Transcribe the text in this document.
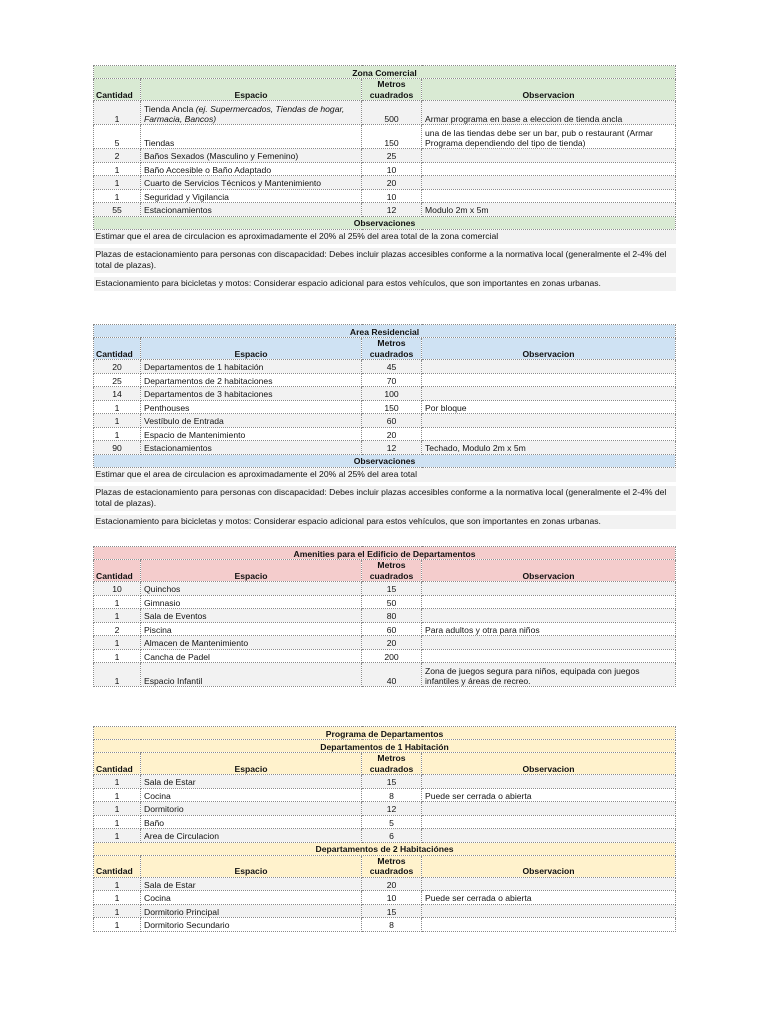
Zona Comercial			
Cantidad	Espacio	Metros
cuadrados	Observacion
1	Tienda Ancla (ej. Supermercados, Tiendas de hogar, Farmacia, Bancos)	500	Armar programa en base a eleccion de tienda ancla
5	Tiendas	150	una de las tiendas debe ser un bar, pub o restaurant (Armar Programa dependiendo del tipo de tienda)
2	Baños Sexados (Masculino y Femenino)	25	
1	Baño Accesible o Baño Adaptado	10	
1	Cuarto de Servicios Técnicos y Mantenimiento	20	
1	Seguridad y Vigilancia	10	
55	Estacionamientos	12	Modulo 2m x 5m
Observaciones			
Estimar que el area de circulacion es aproximadamente el 20% al 25% del area total de la zona comercial			

Plazas de estacionamiento para personas con discapacidad: Debes incluir plazas accesibles conforme a la normativa local (generalmente el 2-4% del total de plazas).			

Estacionamiento para bicicletas y motos: Considerar espacio adicional para estos vehículos, que son importantes en zonas urbanas.			
Area Residencial			
Cantidad	Espacio	Metros
cuadrados	Observacion
20	Departamentos de 1 habitación	45	
25	Departamentos de 2 habitaciones	70	
14	Departamentos de 3 habitaciones	100	
1	Penthouses	150	Por bloque
1	Vestíbulo de Entrada	60	
1	Espacio de Mantenimiento	20	
90	Estacionamientos	12	Techado, Modulo 2m x 5m
Observaciones			
Estimar que el area de circulacion es aproximadamente el 20% al 25% del area total			

Plazas de estacionamiento para personas con discapacidad: Debes incluir plazas accesibles conforme a la normativa local (generalmente el 2-4% del total de plazas).			

Estacionamiento para bicicletas y motos: Considerar espacio adicional para estos vehículos, que son importantes en zonas urbanas.			
Amenities para el Edificio de Departamentos			
Cantidad	Espacio	Metros
cuadrados	Observacion
10	Quinchos	15	
1	Gimnasio	50	
1	Sala de Eventos	80	
2	Piscina	60	Para adultos y otra para niños
1	Almacen de Mantenimiento	20	
1	Cancha de Padel	200	
1	Espacio Infantil	40	Zona de juegos segura para niños, equipada con juegos infantiles y áreas de recreo.
Programa de Departamentos			
Departamentos de 1 Habitación			
Cantidad	Espacio	Metros
cuadrados	Observacion
1	Sala de Estar	15	
1	Cocina	8	Puede ser cerrada o abierta
1	Dormitorio	12	
1	Baño	5	
1	Area de Circulacion	6	
Departamentos de 2 Habitaciónes			
Cantidad	Espacio	Metros
cuadrados	Observacion
1	Sala de Estar	20	
1	Cocina	10	Puede ser cerrada o abierta
1	Dormitorio Principal	15	
1	Dormitorio Secundario	8	
